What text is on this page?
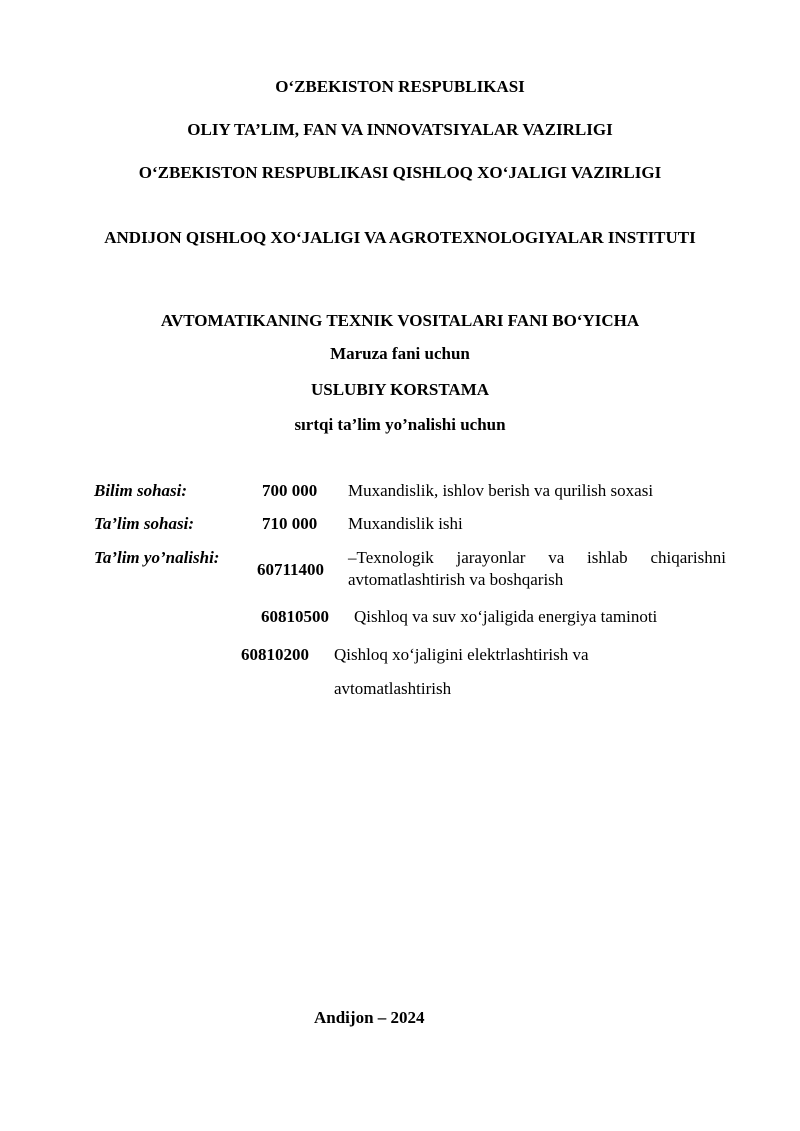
O‘ZBEKISTON RESPUBLIKASI
OLIY TA’LIM, FAN VA INNOVATSIYALAR VAZIRLIGI
O‘ZBEKISTON RESPUBLIKASI QISHLOQ XO‘JALIGI VAZIRLIGI
ANDIJON QISHLOQ XO‘JALIGI VA AGROTEXNOLOGIYALAR INSTITUTI
AVTOMATIKANING TEXNIK VOSITALARI FANI BO‘YICHA
Maruza fani uchun
USLUBIY KORSTAMA
sırtqi ta’lim yo’nalishi uchun
Bilim sohasi:	700 000 Muxandislik, ishlov berish va qurilish soxasi
Ta’lim sohasi:	710 000 Muxandislik ishi
Ta’lim yo’nalishi:
60711400
–Texnologik jarayonlar va ishlab chiqarishni avtomatlashtirish va boshqarish
60810500 Qishloq va suv xo‘jaligida energiya taminoti
60810200 Qishloq xo‘jaligini elektrlashtirish va
avtomatlashtirish
Andijon – 2024
